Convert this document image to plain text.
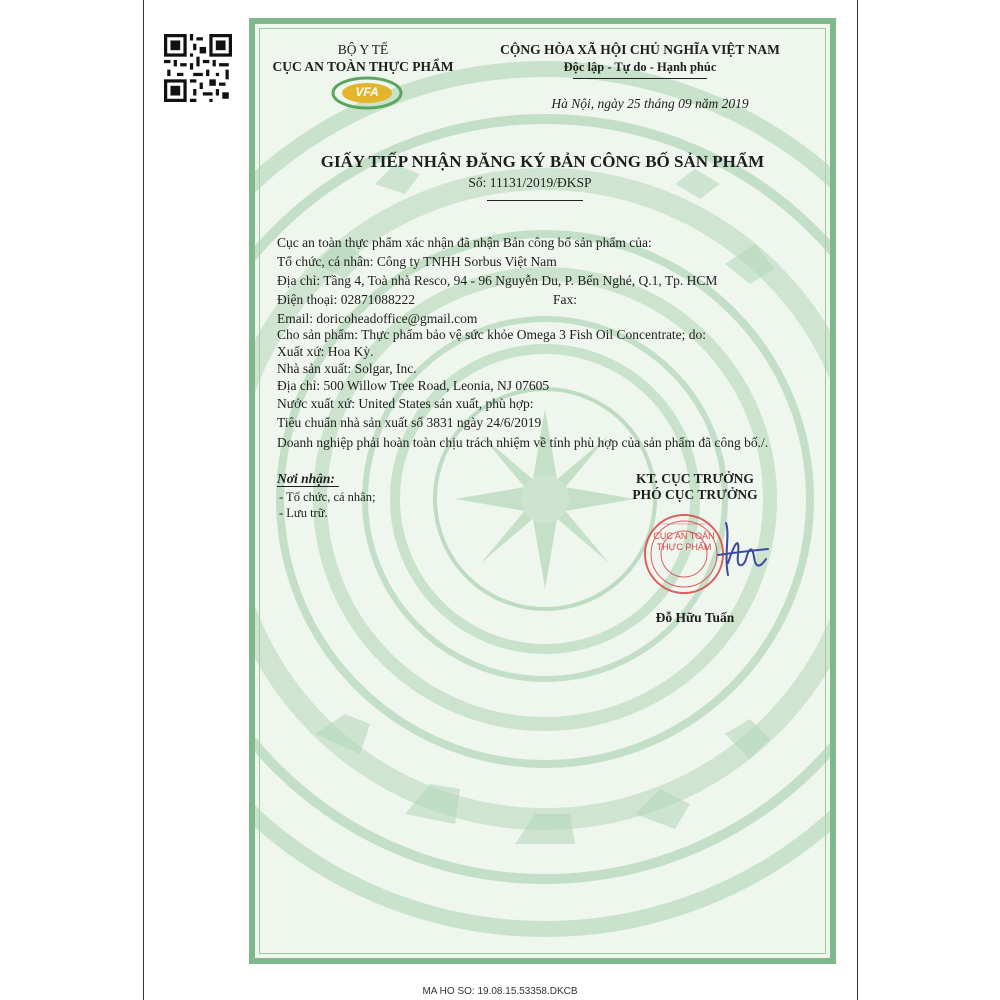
BỘ Y TẾ
CỤC AN TOÀN THỰC PHẨM
VFA
CỘNG HÒA XÃ HỘI CHỦ NGHĨA VIỆT NAM
Độc lập - Tự do - Hạnh phúc
Hà Nội, ngày 25 tháng 09 năm 2019
GIẤY TIẾP NHẬN ĐĂNG KÝ BẢN CÔNG BỐ SẢN PHẨM
Số: 11131/2019/ĐKSP
Cục an toàn thực phẩm xác nhận đã nhận Bản công bố sản phẩm của:
Tổ chức, cá nhân: Công ty TNHH Sorbus Việt Nam
Địa chỉ: Tầng 4, Toà nhà Resco, 94 - 96 Nguyễn Du, P. Bến Nghé, Q.1, Tp. HCM
Điện thoại: 02871088222	Fax:
Email: doricoheadoffice@gmail.com
Cho sản phẩm: Thực phẩm bảo vệ sức khỏe Omega 3 Fish Oil Concentrate; do:
Xuất xứ: Hoa Kỳ.
Nhà sản xuất: Solgar, Inc.
Địa chỉ: 500 Willow Tree Road, Leonia, NJ 07605
Nước xuất xứ: United States sản xuất, phù hợp:
Tiêu chuẩn nhà sản xuất số 3831 ngày 24/6/2019
Doanh nghiệp phải hoàn toàn chịu trách nhiệm về tính phù hợp của sản phẩm đã công bố./.
Nơi nhận:
- Tổ chức, cá nhân;
- Lưu trữ.
KT. CỤC TRƯỞNG
PHÓ CỤC TRƯỞNG
CỤC AN TOÀN THỰC PHẨM
Đỗ Hữu Tuấn
MA HO SO: 19.08.15.53358.DKCB
